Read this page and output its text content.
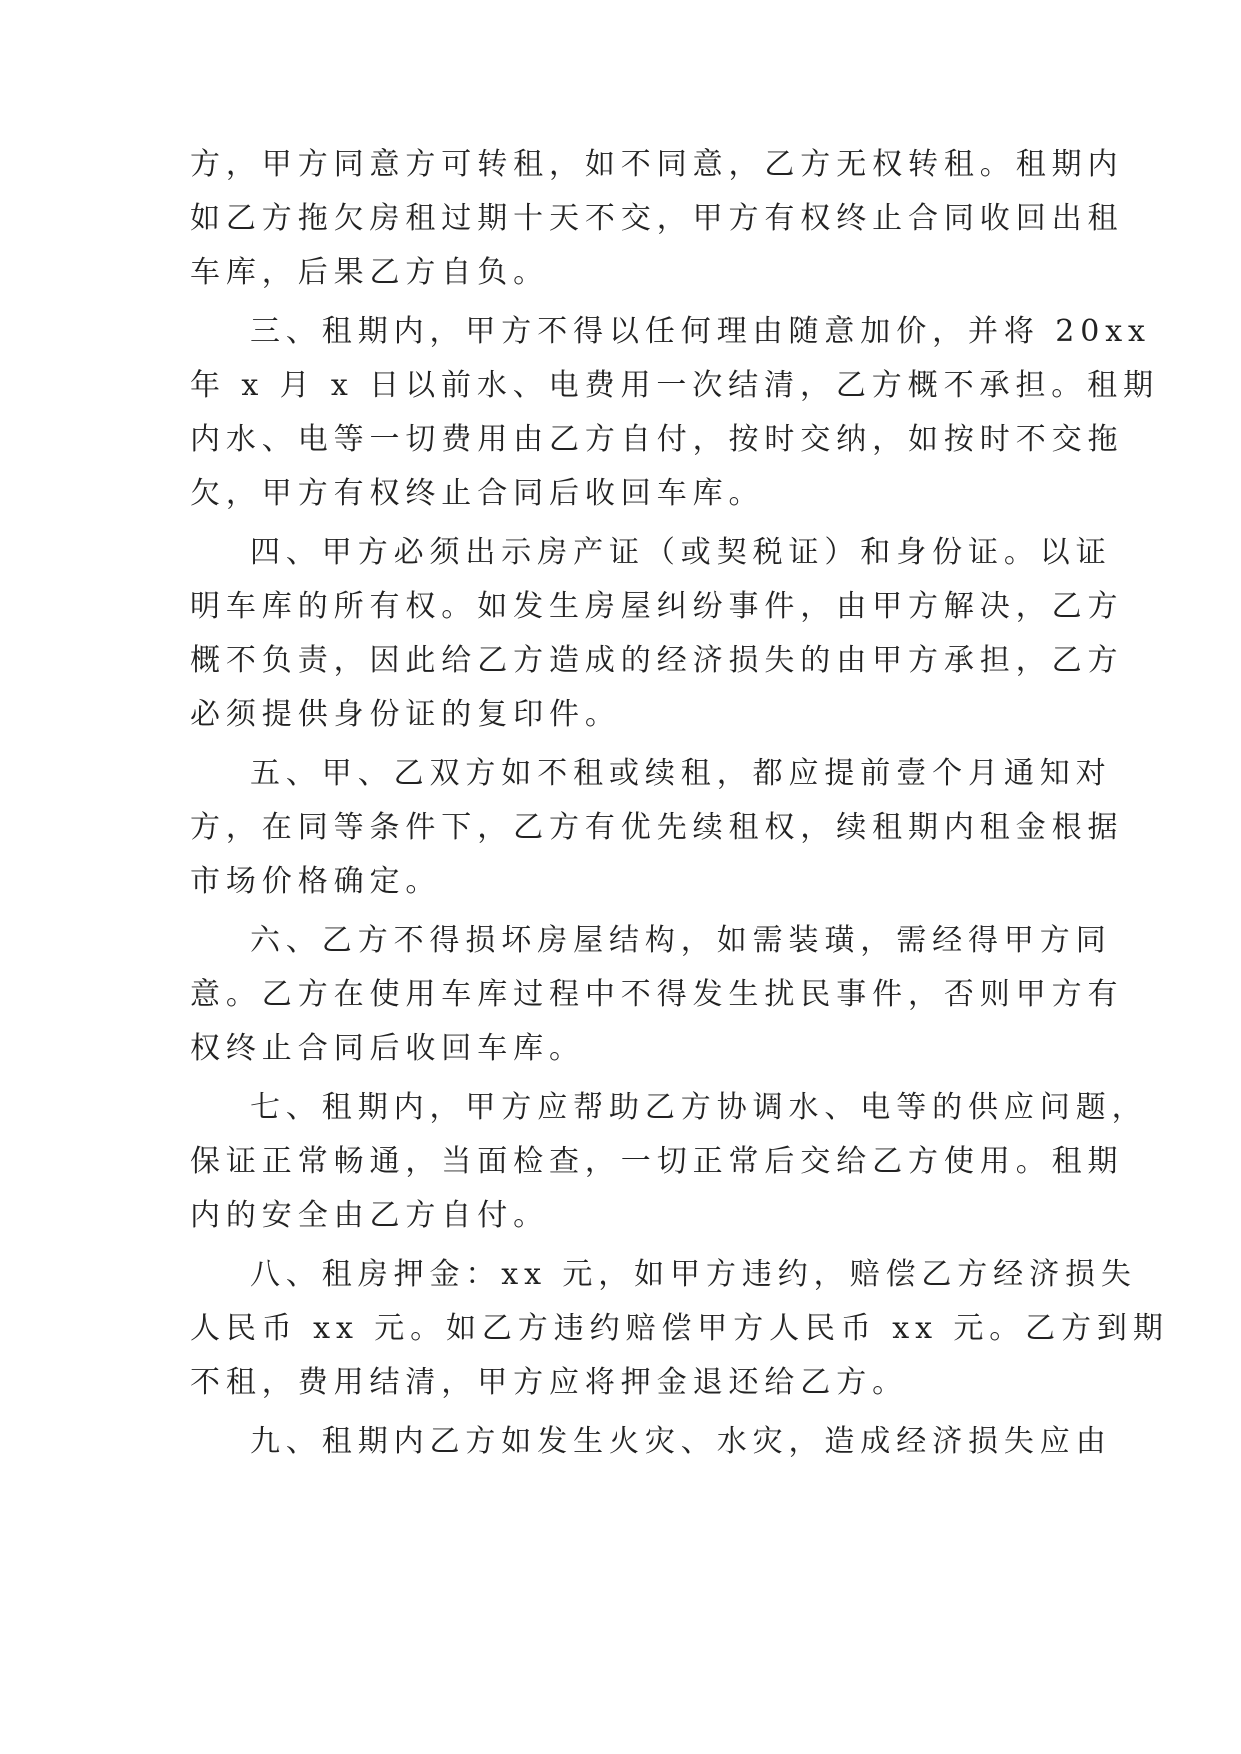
方，甲方同意方可转租，如不同意，乙方无权转租。租期内

如乙方拖欠房租过期十天不交，甲方有权终止合同收回出租

车库，后果乙方自负。

三、租期内，甲方不得以任何理由随意加价，并将 20xx

年 x 月 x 日以前水、电费用一次结清，乙方概不承担。租期

内水、电等一切费用由乙方自付，按时交纳，如按时不交拖

欠，甲方有权终止合同后收回车库。

四、甲方必须出示房产证（或契税证）和身份证。以证

明车库的所有权。如发生房屋纠纷事件，由甲方解决，乙方

概不负责，因此给乙方造成的经济损失的由甲方承担，乙方

必须提供身份证的复印件。

五、甲、乙双方如不租或续租，都应提前壹个月通知对

方，在同等条件下，乙方有优先续租权，续租期内租金根据

市场价格确定。

六、乙方不得损坏房屋结构，如需装璜，需经得甲方同

意。乙方在使用车库过程中不得发生扰民事件，否则甲方有

权终止合同后收回车库。

七、租期内，甲方应帮助乙方协调水、电等的供应问题，

保证正常畅通，当面检查，一切正常后交给乙方使用。租期

内的安全由乙方自付。

八、租房押金：xx 元，如甲方违约，赔偿乙方经济损失

人民币 xx 元。如乙方违约赔偿甲方人民币 xx 元。乙方到期

不租，费用结清，甲方应将押金退还给乙方。

九、租期内乙方如发生火灾、水灾，造成经济损失应由
